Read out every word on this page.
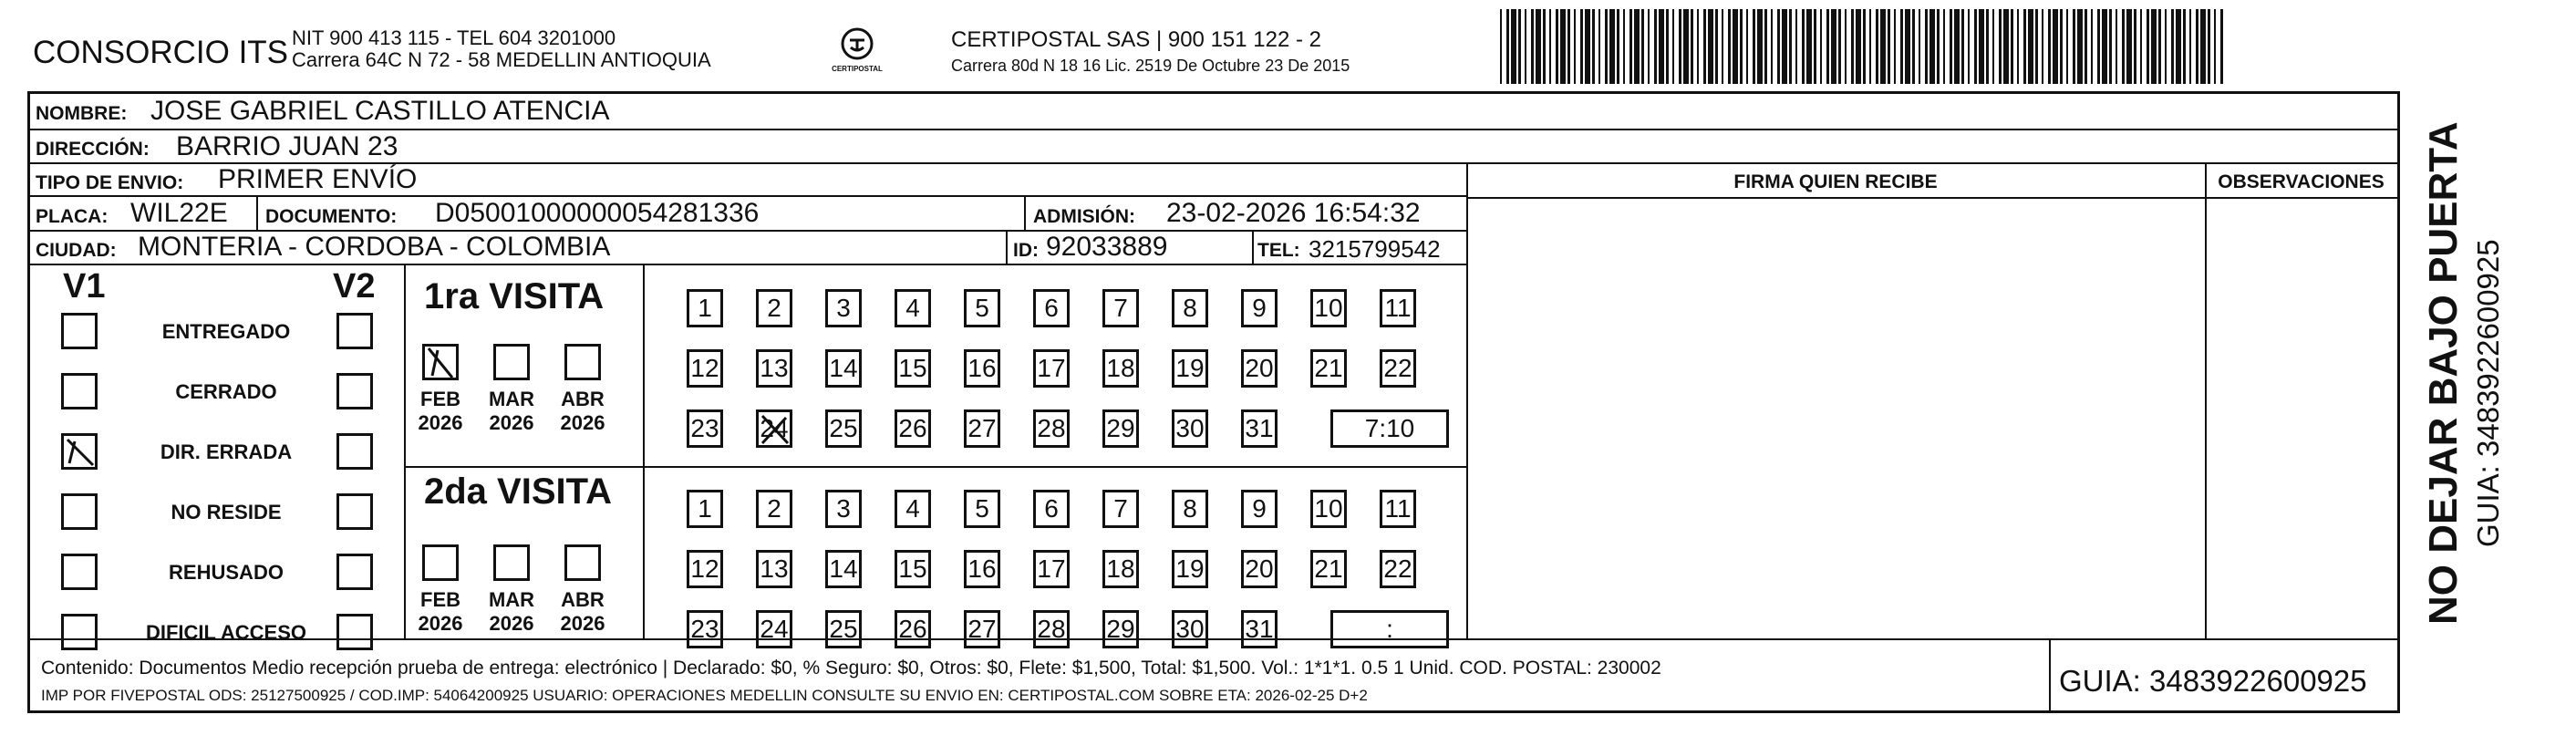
CONSORCIO ITS NIT 900 413 115 - TEL 604 3201000
Carrera 64C N 72 - 58 MEDELLIN ANTIOQUIA	CERTIPOSTAL
CERTIPOSTAL SAS | 900 151 122 - 2
Carrera 80d N 18 16 Lic. 2519 De Octubre 23 De 2015
NOMBRE: JOSE GABRIEL CASTILLO ATENCIA
DIRECCIÓN: BARRIO JUAN 23
TIPO DE ENVIO: PRIMER ENVÍO
PLACA: WIL22E DOCUMENTO: D05001000000054281336	ADMISIÓN: 23-02-2026 16:54:32
CIUDAD: MONTERIA - CORDOBA - COLOMBIA	ID: 92033889	TEL: 3215799542
FIRMA QUIEN RECIBE	OBSERVACIONES
V1	V2
ENTREGADO
CERRADO
DIR. ERRADA
NO RESIDE
REHUSADO
DIFICIL ACCESO
1ra VISITA
2da VISITA
FEB
2026
MAR
2026
ABR
2026
1	2	3	4	5	6	7	8	9	10 11
12 13 14 15 16 17 18 19 20 21 22
23 24 25 26 27 28 29 30 31	7:10
FEB
2026
MAR
2026
ABR
2026
1	2	3	4	5	6	7	8	9	10 11
12 13 14 15 16 17 18 19 20 21 22
23 24 25 26 27 28 29 30 31	:
Contenido: Documentos Medio recepción prueba de entrega: electrónico | Declarado: $0, % Seguro: $0, Otros: $0, Flete: $1,500, Total: $1,500. Vol.: 1*1*1. 0.5 1 Unid. COD. POSTAL: 230002
IMP POR FIVEPOSTAL ODS: 25127500925 / COD.IMP: 54064200925 USUARIO: OPERACIONES MEDELLIN CONSULTE SU ENVIO EN: CERTIPOSTAL.COM SOBRE ETA: 2026-02-25 D+2	GUIA: 3483922600925
NO DEJAR BAJO PUERTA GUIA: 3483922600925
